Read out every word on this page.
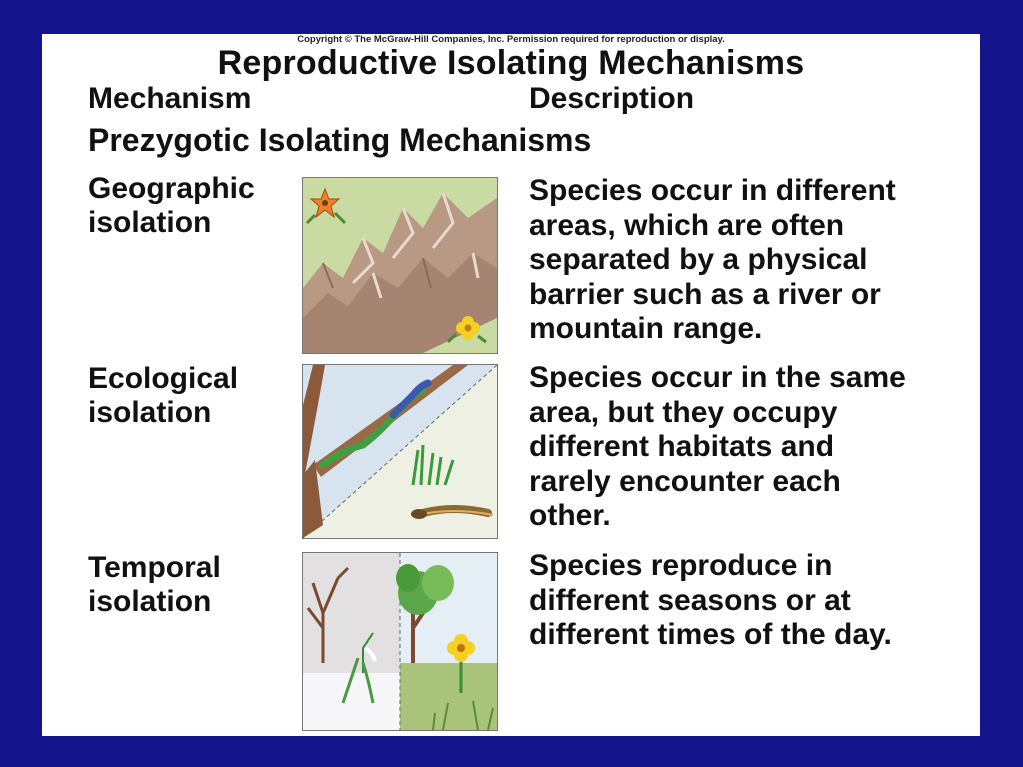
Copyright © The McGraw-Hill Companies, Inc. Permission required for reproduction or display.
Reproductive Isolating Mechanisms
Mechanism	Description
Prezygotic Isolating Mechanisms
Geographic
isolation
Species occur in different
areas, which are often
separated by a physical
barrier such as a river or
mountain range.
Ecological
isolation
Species occur in the same
area, but they occupy
different habitats and
rarely encounter each
other.
Temporal
isolation
Species reproduce in
different seasons or at
different times of the day.
